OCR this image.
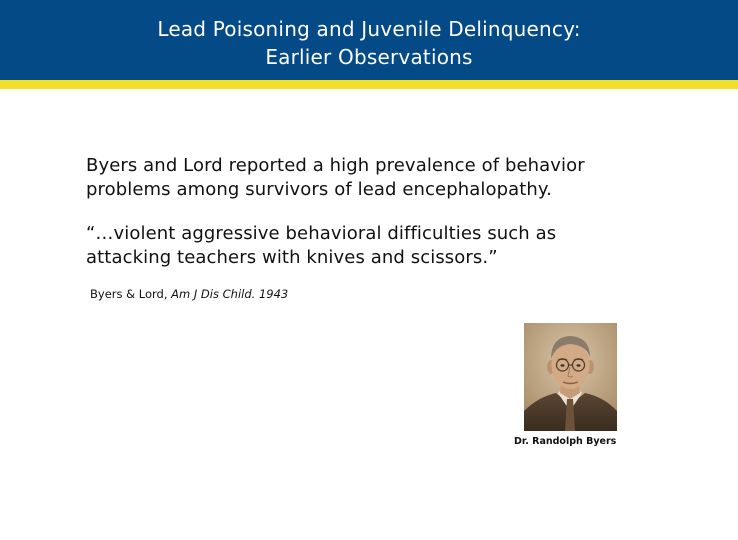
Lead Poisoning and Juvenile Delinquency:
Earlier Observations
Byers and Lord reported a high prevalence of behavior
problems among survivors of lead encephalopathy.
“…violent aggressive behavioral difficulties such as
attacking teachers with knives and scissors.”
Byers & Lord, Am J Dis Child. 1943
Dr. Randolph Byers
